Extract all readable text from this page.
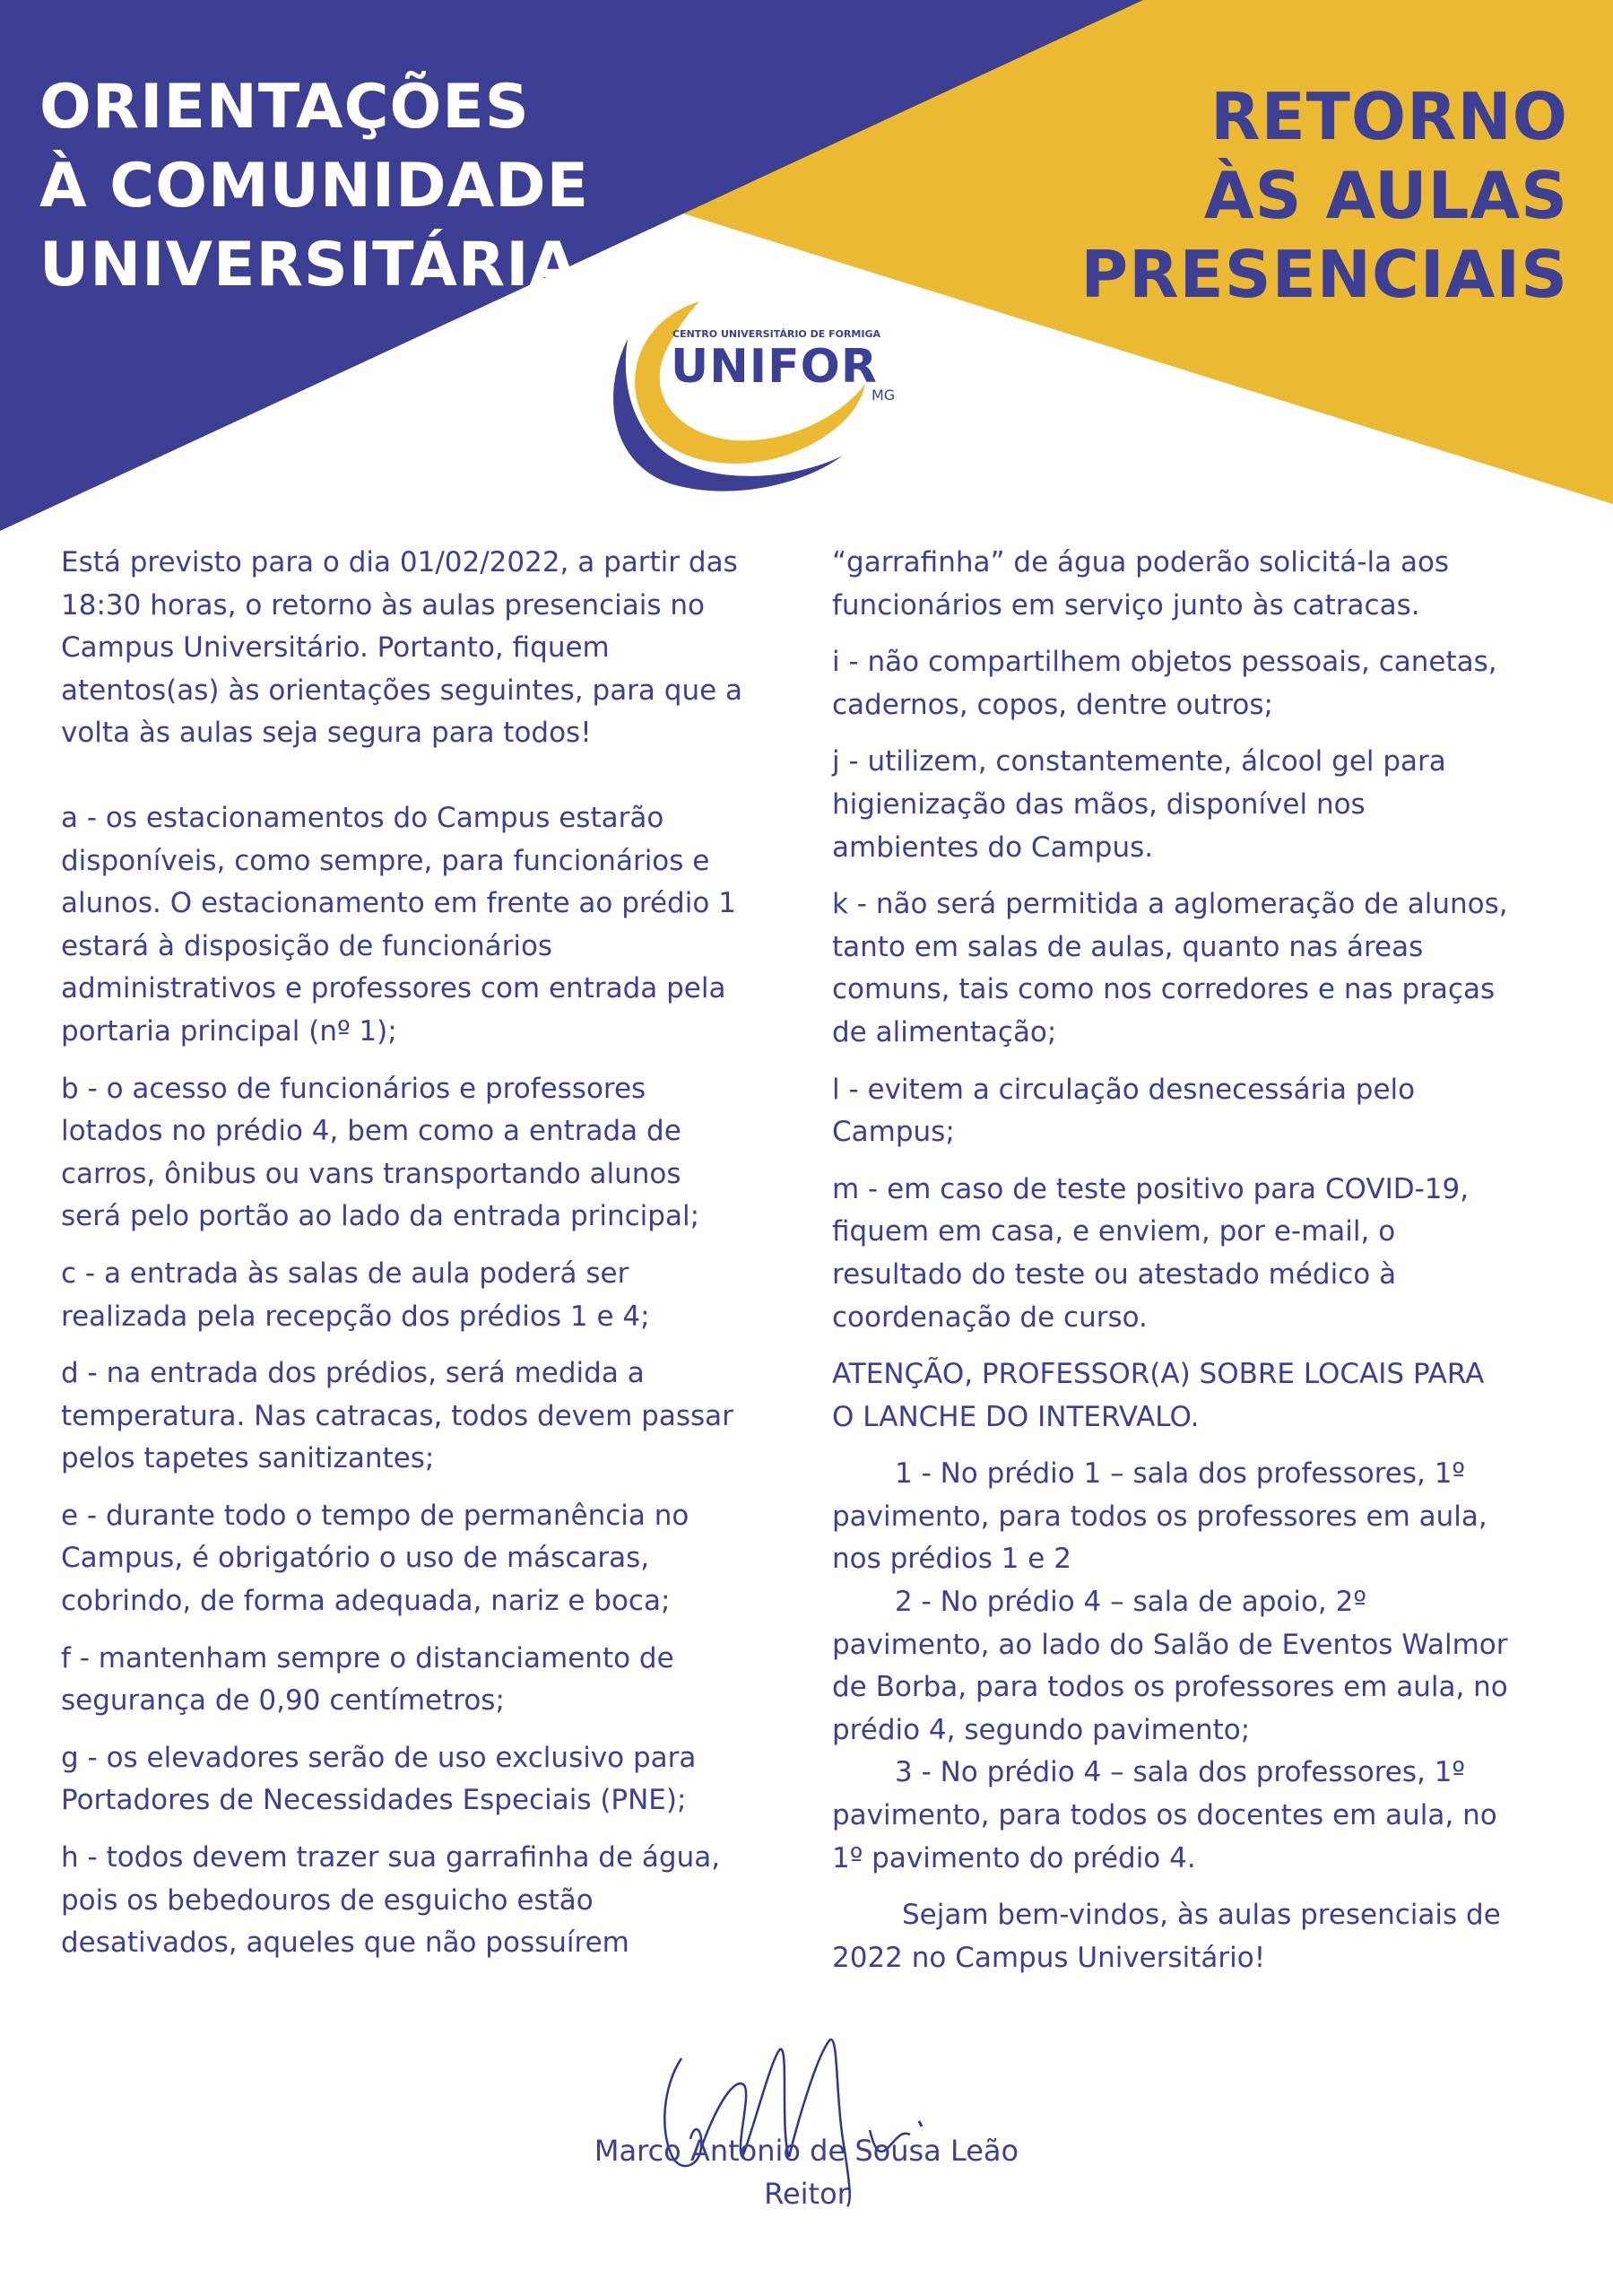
ORIENTAÇÕES
À COMUNIDADE
UNIVERSITÁRIA
RETORNO
ÀS AULAS
PRESENCIAIS
CENTRO UNIVERSITÁRIO DE FORMIGA
UNIFOR
MG

Está previsto para o dia 01/02/2022, a partir das

18:30 horas, o retorno às aulas presenciais no

Campus Universitário. Portanto, fiquem

atentos(as) às orientações seguintes, para que a

volta às aulas seja segura para todos!

a - os estacionamentos do Campus estarão

disponíveis, como sempre, para funcionários e

alunos. O estacionamento em frente ao prédio 1

estará à disposição de funcionários

administrativos e professores com entrada pela

portaria principal (nº 1);

b - o acesso de funcionários e professores

lotados no prédio 4, bem como a entrada de

carros, ônibus ou vans transportando alunos

será pelo portão ao lado da entrada principal;

c - a entrada às salas de aula poderá ser

realizada pela recepção dos prédios 1 e 4;

d - na entrada dos prédios, será medida a

temperatura. Nas catracas, todos devem passar

pelos tapetes sanitizantes;

e - durante todo o tempo de permanência no

Campus, é obrigatório o uso de máscaras,

cobrindo, de forma adequada, nariz e boca;

f - mantenham sempre o distanciamento de

segurança de 0,90 centímetros;

g - os elevadores serão de uso exclusivo para

Portadores de Necessidades Especiais (PNE);

h - todos devem trazer sua garrafinha de água,

pois os bebedouros de esguicho estão

desativados, aqueles que não possuírem

“garrafinha” de água poderão solicitá-la aos

funcionários em serviço junto às catracas.

i - não compartilhem objetos pessoais, canetas,

cadernos, copos, dentre outros;

j - utilizem, constantemente, álcool gel para

higienização das mãos, disponível nos

ambientes do Campus.

k - não será permitida a aglomeração de alunos,

tanto em salas de aulas, quanto nas áreas

comuns, tais como nos corredores e nas praças

de alimentação;

l - evitem a circulação desnecessária pelo

Campus;

m - em caso de teste positivo para COVID-19,

fiquem em casa, e enviem, por e-mail, o

resultado do teste ou atestado médico à

coordenação de curso.

ATENÇÃO, PROFESSOR(A) SOBRE LOCAIS PARA

O LANCHE DO INTERVALO.

1 - No prédio 1 – sala dos professores, 1º

pavimento, para todos os professores em aula,

nos prédios 1 e 2

2 - No prédio 4 – sala de apoio, 2º

pavimento, ao lado do Salão de Eventos Walmor

de Borba, para todos os professores em aula, no

prédio 4, segundo pavimento;

3 - No prédio 4 – sala dos professores, 1º

pavimento, para todos os docentes em aula, no

1º pavimento do prédio 4.

Sejam bem-vindos, às aulas presenciais de

2022 no Campus Universitário!

Marco Antonio de Sousa Leão
Reitor
